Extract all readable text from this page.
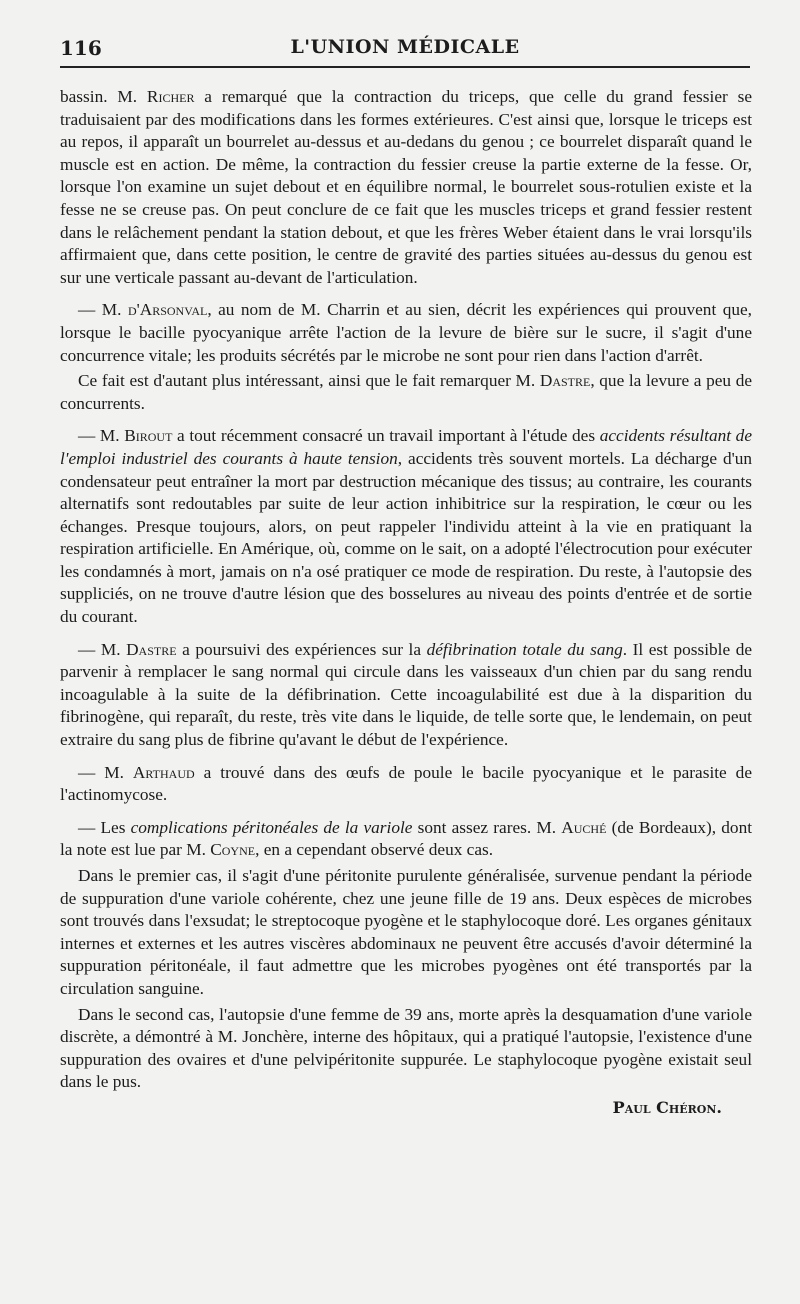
116	L'UNION MÉDICALE

bassin. M. Richer a remarqué que la contraction du triceps, que celle du grand fessier se traduisaient par des modifications dans les formes extérieures. C'est ainsi que, lorsque le triceps est au repos, il apparaît un bourrelet au-dessus et au-dedans du genou ; ce bourrelet disparaît quand le muscle est en action. De même, la contraction du fessier creuse la partie externe de la fesse. Or, lorsque l'on examine un sujet debout et en équilibre normal, le bourrelet sous-rotulien existe et la fesse ne se creuse pas. On peut conclure de ce fait que les muscles triceps et grand fessier restent dans le relâchement pendant la station debout, et que les frères Weber étaient dans le vrai lorsqu'ils affirmaient que, dans cette position, le centre de gravité des parties situées au-dessus du genou est sur une verticale passant au-devant de l'articulation.

— M. d'Arsonval, au nom de M. Charrin et au sien, décrit les expériences qui prouvent que, lorsque le bacille pyocyanique arrête l'action de la levure de bière sur le sucre, il s'agit d'une concurrence vitale; les produits sécrétés par le microbe ne sont pour rien dans l'action d'arrêt.

Ce fait est d'autant plus intéressant, ainsi que le fait remarquer M. Dastre, que la levure a peu de concurrents.

— M. Birout a tout récemment consacré un travail important à l'étude des accidents résultant de l'emploi industriel des courants à haute tension, accidents très souvent mortels. La décharge d'un condensateur peut entraîner la mort par destruction mécanique des tissus; au contraire, les courants alternatifs sont redoutables par suite de leur action inhibitrice sur la respiration, le cœur ou les échanges. Presque toujours, alors, on peut rappeler l'individu atteint à la vie en pratiquant la respiration artificielle. En Amérique, où, comme on le sait, on a adopté l'électrocution pour exécuter les condamnés à mort, jamais on n'a osé pratiquer ce mode de respiration. Du reste, à l'autopsie des suppliciés, on ne trouve d'autre lésion que des bosselures au niveau des points d'entrée et de sortie du courant.

— M. Dastre a poursuivi des expériences sur la défibrination totale du sang. Il est possible de parvenir à remplacer le sang normal qui circule dans les vaisseaux d'un chien par du sang rendu incoagulable à la suite de la défibrination. Cette incoagulabilité est due à la disparition du fibrinogène, qui reparaît, du reste, très vite dans le liquide, de telle sorte que, le lendemain, on peut extraire du sang plus de fibrine qu'avant le début de l'expérience.

— M. Arthaud a trouvé dans des œufs de poule le bacile pyocyanique et le parasite de l'actinomycose.

— Les complications péritonéales de la variole sont assez rares. M. Auché (de Bordeaux), dont la note est lue par M. Coyne, en a cependant observé deux cas.

Dans le premier cas, il s'agit d'une péritonite purulente généralisée, survenue pendant la période de suppuration d'une variole cohérente, chez une jeune fille de 19 ans. Deux espèces de microbes sont trouvés dans l'exsudat; le streptocoque pyogène et le staphylocoque doré. Les organes génitaux internes et externes et les autres viscères abdominaux ne peuvent être accusés d'avoir déterminé la suppuration péritonéale, il faut admettre que les microbes pyogènes ont été transportés par la circulation sanguine.

Dans le second cas, l'autopsie d'une femme de 39 ans, morte après la desquamation d'une variole discrète, a démontré à M. Jonchère, interne des hôpitaux, qui a pratiqué l'autopsie, l'existence d'une suppuration des ovaires et d'une pelvipéritonite suppurée. Le staphylocoque pyogène existait seul dans le pus.

Paul Chéron.
